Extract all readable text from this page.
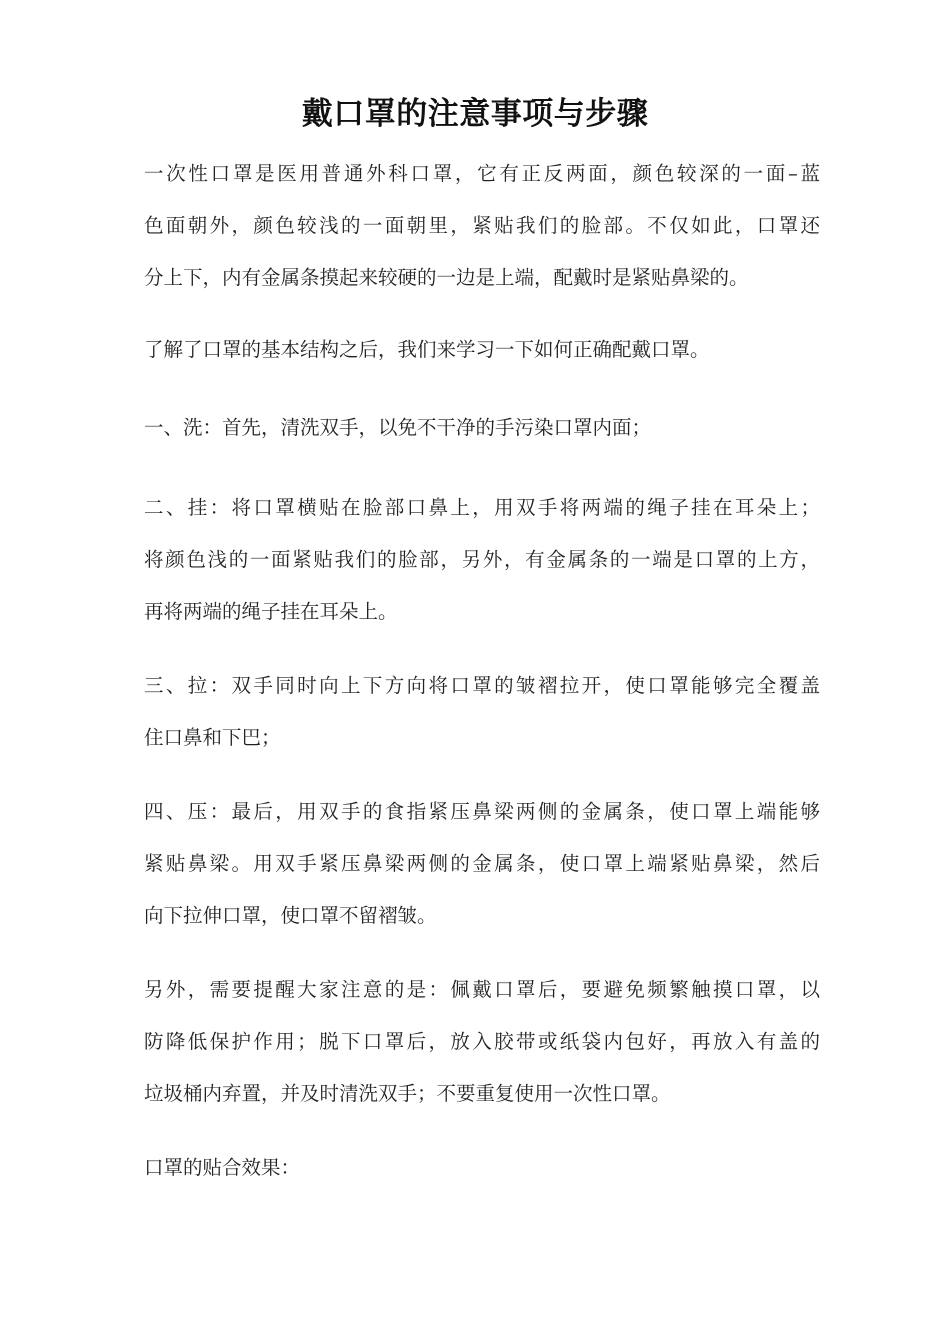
戴口罩的注意事项与步骤
一次性口罩是医用普通外科口罩，它有正反两面，颜色较深的一面–蓝
色面朝外，颜色较浅的一面朝里，紧贴我们的脸部。不仅如此，口罩还
分上下，内有金属条摸起来较硬的一边是上端，配戴时是紧贴鼻梁的。
了解了口罩的基本结构之后，我们来学习一下如何正确配戴口罩。
一、洗：首先，清洗双手，以免不干净的手污染口罩内面；
二、挂：将口罩横贴在脸部口鼻上，用双手将两端的绳子挂在耳朵上；
将颜色浅的一面紧贴我们的脸部，另外，有金属条的一端是口罩的上方，
再将两端的绳子挂在耳朵上。
三、拉：双手同时向上下方向将口罩的皱褶拉开，使口罩能够完全覆盖
住口鼻和下巴；
四、压：最后，用双手的食指紧压鼻梁两侧的金属条，使口罩上端能够
紧贴鼻梁。用双手紧压鼻梁两侧的金属条，使口罩上端紧贴鼻梁，然后
向下拉伸口罩，使口罩不留褶皱。
另外，需要提醒大家注意的是：佩戴口罩后，要避免频繁触摸口罩，以
防降低保护作用；脱下口罩后，放入胶带或纸袋内包好，再放入有盖的
垃圾桶内弃置，并及时清洗双手；不要重复使用一次性口罩。
口罩的贴合效果：
